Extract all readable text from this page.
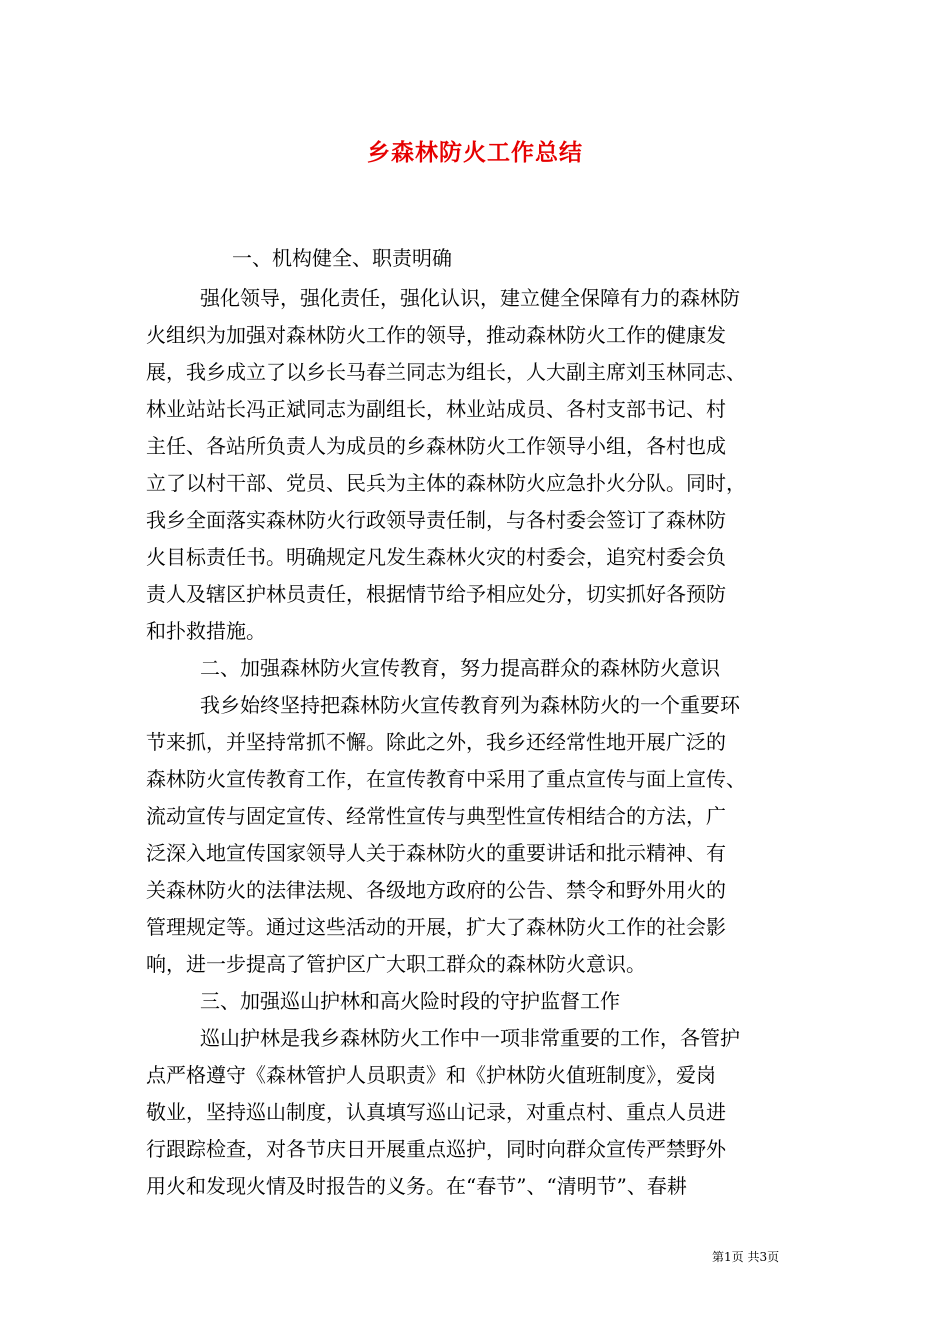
乡森林防火工作总结
一、机构健全、职责明确
强化领导，强化责任，强化认识，建立健全保障有力的森林防
火组织为加强对森林防火工作的领导，推动森林防火工作的健康发
展，我乡成立了以乡长马春兰同志为组长，人大副主席刘玉林同志、
林业站站长冯正斌同志为副组长，林业站成员、各村支部书记、村
主任、各站所负责人为成员的乡森林防火工作领导小组，各村也成
立了以村干部、党员、民兵为主体的森林防火应急扑火分队。同时，
我乡全面落实森林防火行政领导责任制，与各村委会签订了森林防
火目标责任书。明确规定凡发生森林火灾的村委会，追究村委会负
责人及辖区护林员责任，根据情节给予相应处分，切实抓好各预防
和扑救措施。
二、加强森林防火宣传教育，努力提高群众的森林防火意识
我乡始终坚持把森林防火宣传教育列为森林防火的一个重要环
节来抓，并坚持常抓不懈。除此之外，我乡还经常性地开展广泛的
森林防火宣传教育工作，在宣传教育中采用了重点宣传与面上宣传、
流动宣传与固定宣传、经常性宣传与典型性宣传相结合的方法，广
泛深入地宣传国家领导人关于森林防火的重要讲话和批示精神、有
关森林防火的法律法规、各级地方政府的公告、禁令和野外用火的
管理规定等。通过这些活动的开展，扩大了森林防火工作的社会影
响，进一步提高了管护区广大职工群众的森林防火意识。
三、加强巡山护林和高火险时段的守护监督工作
巡山护林是我乡森林防火工作中一项非常重要的工作，各管护
点严格遵守《森林管护人员职责》和《护林防火值班制度》，爱岗
敬业，坚持巡山制度，认真填写巡山记录，对重点村、重点人员进
行跟踪检查，对各节庆日开展重点巡护，同时向群众宣传严禁野外
用火和发现火情及时报告的义务。在“春节”、“清明节”、春耕
第1页 共3页
